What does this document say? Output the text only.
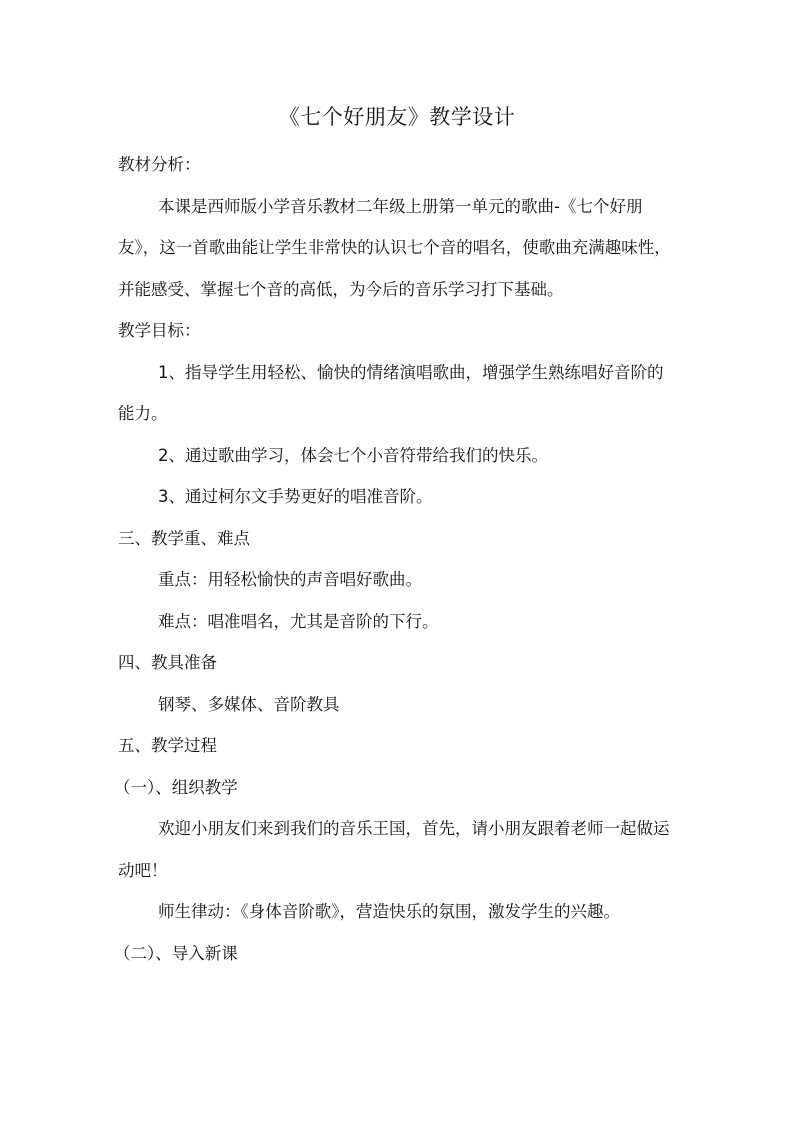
《七个好朋友》教学设计

教材分析：

本课是西师版小学音乐教材二年级上册第一单元的歌曲-《七个好朋友》，这一首歌曲能让学生非常快的认识七个音的唱名，使歌曲充满趣味性，并能感受、掌握七个音的高低，为今后的音乐学习打下基础。

教学目标：

1、指导学生用轻松、愉快的情绪演唱歌曲，增强学生熟练唱好音阶的能力。

2、通过歌曲学习，体会七个小音符带给我们的快乐。

3、通过柯尔文手势更好的唱准音阶。

三、教学重、难点

重点：用轻松愉快的声音唱好歌曲。

难点：唱准唱名，尤其是音阶的下行。

四、教具准备

钢琴、多媒体、音阶教具

五、教学过程

（一）、组织教学

欢迎小朋友们来到我们的音乐王国，首先，请小朋友跟着老师一起做运动吧！

师生律动：《身体音阶歌》，营造快乐的氛围，激发学生的兴趣。

（二）、导入新课
